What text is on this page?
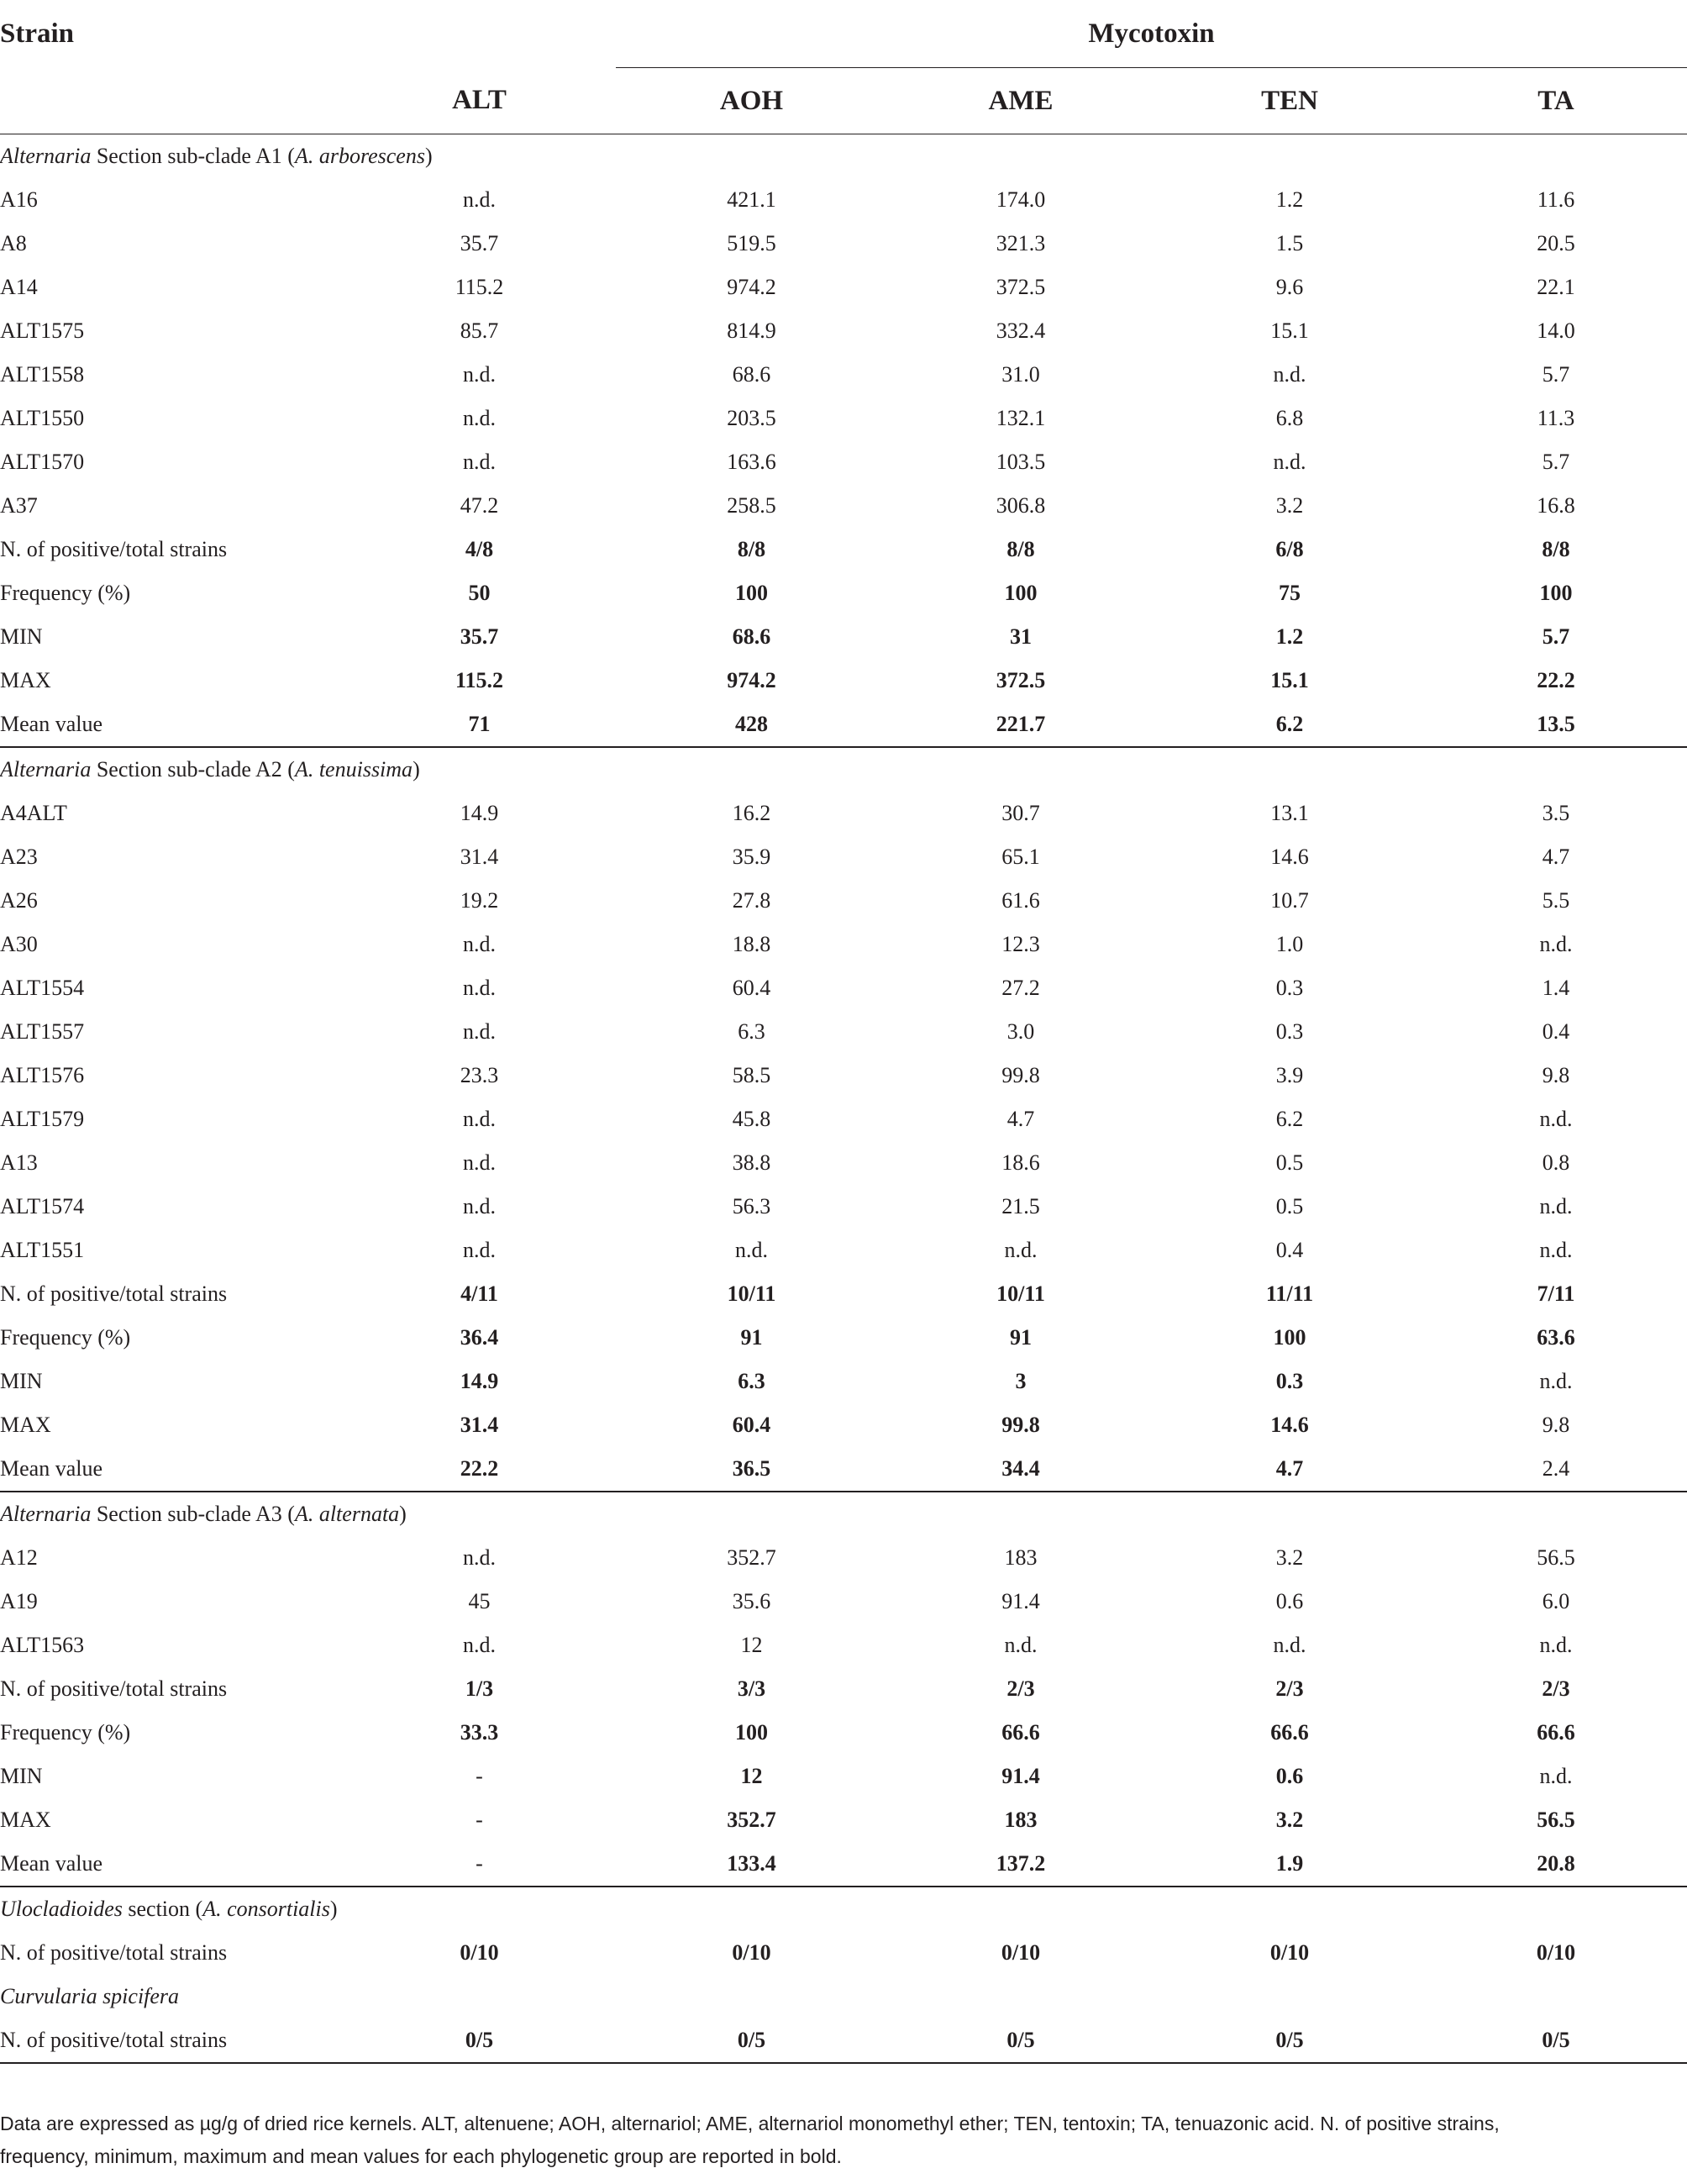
Strain		Mycotoxin			
	ALT	AOH	AME	TEN	TA
Alternaria Section sub-clade A1 (A. arborescens)					
A16	n.d.	421.1	174.0	1.2	11.6
A8	35.7	519.5	321.3	1.5	20.5
A14	115.2	974.2	372.5	9.6	22.1
ALT1575	85.7	814.9	332.4	15.1	14.0
ALT1558	n.d.	68.6	31.0	n.d.	5.7
ALT1550	n.d.	203.5	132.1	6.8	11.3
ALT1570	n.d.	163.6	103.5	n.d.	5.7
A37	47.2	258.5	306.8	3.2	16.8
N. of positive/total strains	4/8	8/8	8/8	6/8	8/8
Frequency (%)	50	100	100	75	100
MIN	35.7	68.6	31	1.2	5.7
MAX	115.2	974.2	372.5	15.1	22.2
Mean value	71	428	221.7	6.2	13.5
Alternaria Section sub-clade A2 (A. tenuissima)					
A4ALT	14.9	16.2	30.7	13.1	3.5
A23	31.4	35.9	65.1	14.6	4.7
A26	19.2	27.8	61.6	10.7	5.5
A30	n.d.	18.8	12.3	1.0	n.d.
ALT1554	n.d.	60.4	27.2	0.3	1.4
ALT1557	n.d.	6.3	3.0	0.3	0.4
ALT1576	23.3	58.5	99.8	3.9	9.8
ALT1579	n.d.	45.8	4.7	6.2	n.d.
A13	n.d.	38.8	18.6	0.5	0.8
ALT1574	n.d.	56.3	21.5	0.5	n.d.
ALT1551	n.d.	n.d.	n.d.	0.4	n.d.
N. of positive/total strains	4/11	10/11	10/11	11/11	7/11
Frequency (%)	36.4	91	91	100	63.6
MIN	14.9	6.3	3	0.3	n.d.
MAX	31.4	60.4	99.8	14.6	9.8
Mean value	22.2	36.5	34.4	4.7	2.4
Alternaria Section sub-clade A3 (A. alternata)					
A12	n.d.	352.7	183	3.2	56.5
A19	45	35.6	91.4	0.6	6.0
ALT1563	n.d.	12	n.d.	n.d.	n.d.
N. of positive/total strains	1/3	3/3	2/3	2/3	2/3
Frequency (%)	33.3	100	66.6	66.6	66.6
MIN	-	12	91.4	0.6	n.d.
MAX	-	352.7	183	3.2	56.5
Mean value	-	133.4	137.2	1.9	20.8
Ulocladioides section (A. consortialis)					
N. of positive/total strains	0/10	0/10	0/10	0/10	0/10
Curvularia spicifera					
N. of positive/total strains	0/5	0/5	0/5	0/5	0/5
Data are expressed as µg/g of dried rice kernels. ALT, altenuene; AOH, alternariol; AME, alternariol monomethyl ether; TEN, tentoxin; TA, tenuazonic acid. N. of positive strains,
frequency, minimum, maximum and mean values for each phylogenetic group are reported in bold.
